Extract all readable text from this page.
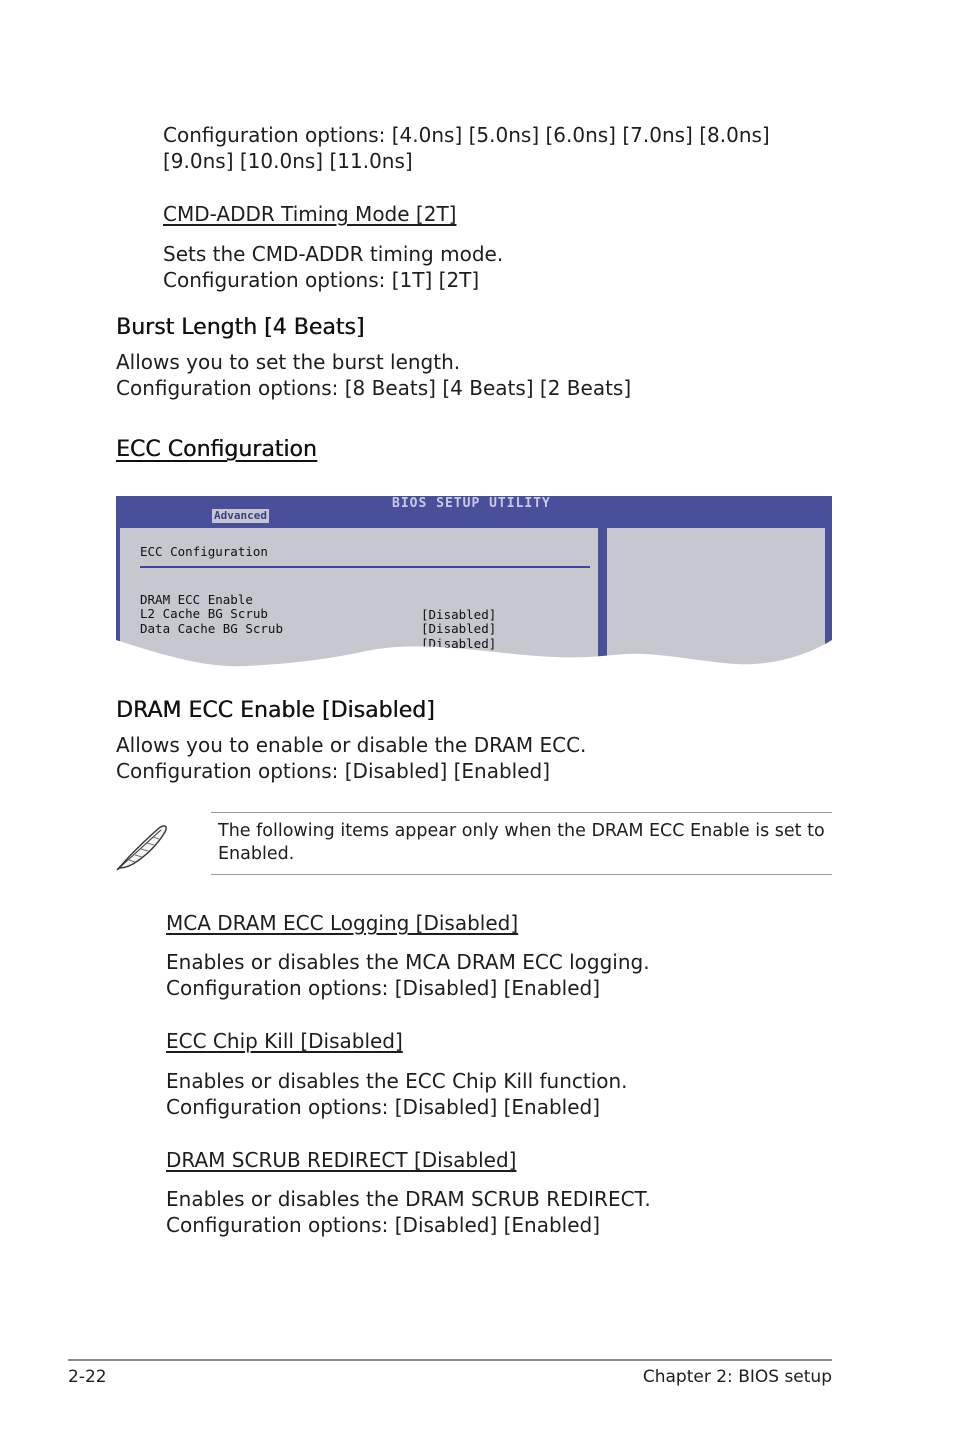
Configuration options: [4.0ns] [5.0ns] [6.0ns] [7.0ns] [8.0ns]
[9.0ns] [10.0ns] [11.0ns]
CMD-ADDR Timing Mode [2T]
Sets the CMD-ADDR timing mode.
Configuration options: [1T] [2T]
Burst Length [4 Beats]
Allows you to set the burst length.
Configuration options: [8 Beats] [4 Beats] [2 Beats]
ECC Configuration
BIOS SETUP UTILITY
Advanced
ECC Configuration

DRAM ECC Enable

[Disabled]

L2 Cache BG Scrub

[Disabled]

Data Cache BG Scrub

[Disabled]

DRAM ECC Enable [Disabled]
Allows you to enable or disable the DRAM ECC.
Configuration options: [Disabled] [Enabled]
The following items appear only when the DRAM ECC Enable is set to
Enabled.
MCA DRAM ECC Logging [Disabled]
Enables or disables the MCA DRAM ECC logging.
Configuration options: [Disabled] [Enabled]
ECC Chip Kill [Disabled]
Enables or disables the ECC Chip Kill function.
Configuration options: [Disabled] [Enabled]
DRAM SCRUB REDIRECT [Disabled]
Enables or disables the DRAM SCRUB REDIRECT.
Configuration options: [Disabled] [Enabled]
2-22	Chapter 2: BIOS setup
